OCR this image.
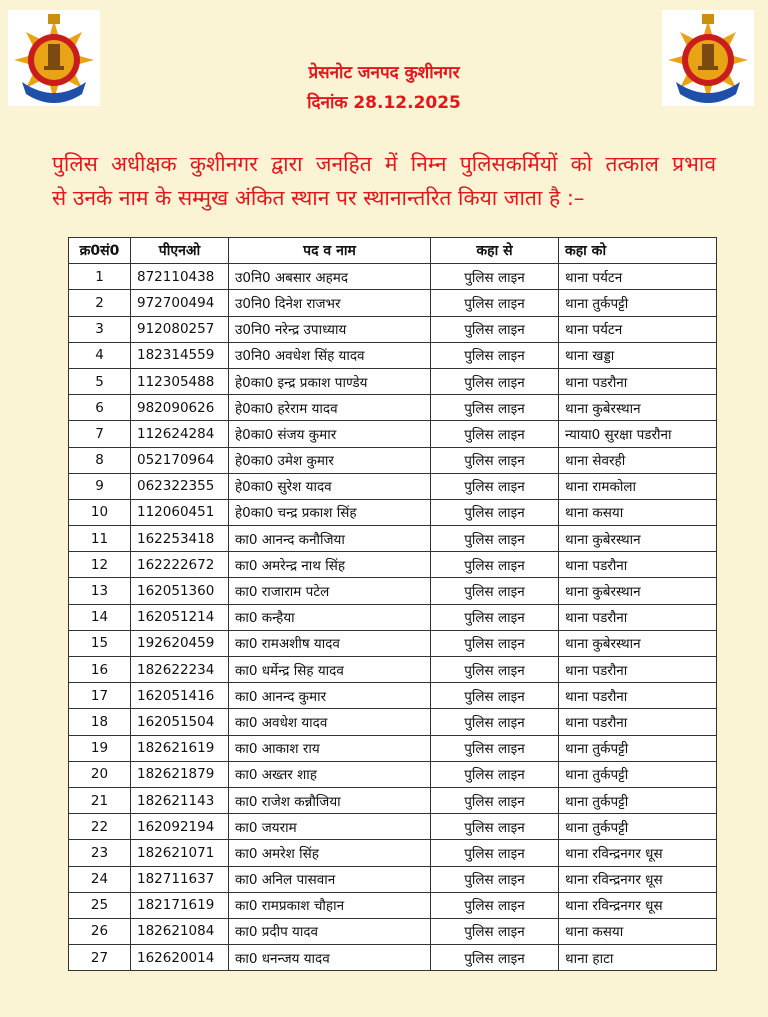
प्रेसनोट जनपद कुशीनगर
दिनांक 28.12.2025
पुलिस अधीक्षक कुशीनगर द्वारा जनहित में निम्न पुलिसकर्मियों को तत्काल प्रभाव
से उनके नाम के सम्मुख अंकित स्थान पर स्थानान्तरित किया जाता है :–
क्र0सं0	पीएनओ	पद व नाम	कहा से	कहा को
1	872110438	उ0नि0 अबसार अहमद	पुलिस लाइन	थाना पर्यटन
2	972700494	उ0नि0 दिनेश राजभर	पुलिस लाइन	थाना तुर्कपट्टी
3	912080257	उ0नि0 नरेन्द्र उपाध्याय	पुलिस लाइन	थाना पर्यटन
4	182314559	उ0नि0 अवधेश सिंह यादव	पुलिस लाइन	थाना खड्डा
5	112305488	हे0का0 इन्द्र प्रकाश पाण्डेय	पुलिस लाइन	थाना पडरौना
6	982090626	हे0का0 हरेराम यादव	पुलिस लाइन	थाना कुबेरस्थान
7	112624284	हे0का0 संजय कुमार	पुलिस लाइन	न्याया0 सुरक्षा पडरौना
8	052170964	हे0का0 उमेश कुमार	पुलिस लाइन	थाना सेवरही
9	062322355	हे0का0 सुरेश यादव	पुलिस लाइन	थाना रामकोला
10	112060451	हे0का0 चन्द्र प्रकाश सिंह	पुलिस लाइन	थाना कसया
11	162253418	का0 आनन्द कनौजिया	पुलिस लाइन	थाना कुबेरस्थान
12	162222672	का0 अमरेन्द्र नाथ सिंह	पुलिस लाइन	थाना पडरौना
13	162051360	का0 राजाराम पटेल	पुलिस लाइन	थाना कुबेरस्थान
14	162051214	का0 कन्हैया	पुलिस लाइन	थाना पडरौना
15	192620459	का0 रामअशीष यादव	पुलिस लाइन	थाना कुबेरस्थान
16	182622234	का0 धर्मेन्द्र सिह यादव	पुलिस लाइन	थाना पडरौना
17	162051416	का0 आनन्द कुमार	पुलिस लाइन	थाना पडरौना
18	162051504	का0 अवधेश यादव	पुलिस लाइन	थाना पडरौना
19	182621619	का0 आकाश राय	पुलिस लाइन	थाना तुर्कपट्टी
20	182621879	का0 अख्तर शाह	पुलिस लाइन	थाना तुर्कपट्टी
21	182621143	का0 राजेश कन्नौजिया	पुलिस लाइन	थाना तुर्कपट्टी
22	162092194	का0 जयराम	पुलिस लाइन	थाना तुर्कपट्टी
23	182621071	का0 अमरेश सिंह	पुलिस लाइन	थाना रविन्द्रनगर धूस
24	182711637	का0 अनिल पासवान	पुलिस लाइन	थाना रविन्द्रनगर धूस
25	182171619	का0 रामप्रकाश चौहान	पुलिस लाइन	थाना रविन्द्रनगर धूस
26	182621084	का0 प्रदीप यादव	पुलिस लाइन	थाना कसया
27	162620014	का0 धनन्जय यादव	पुलिस लाइन	थाना हाटा
